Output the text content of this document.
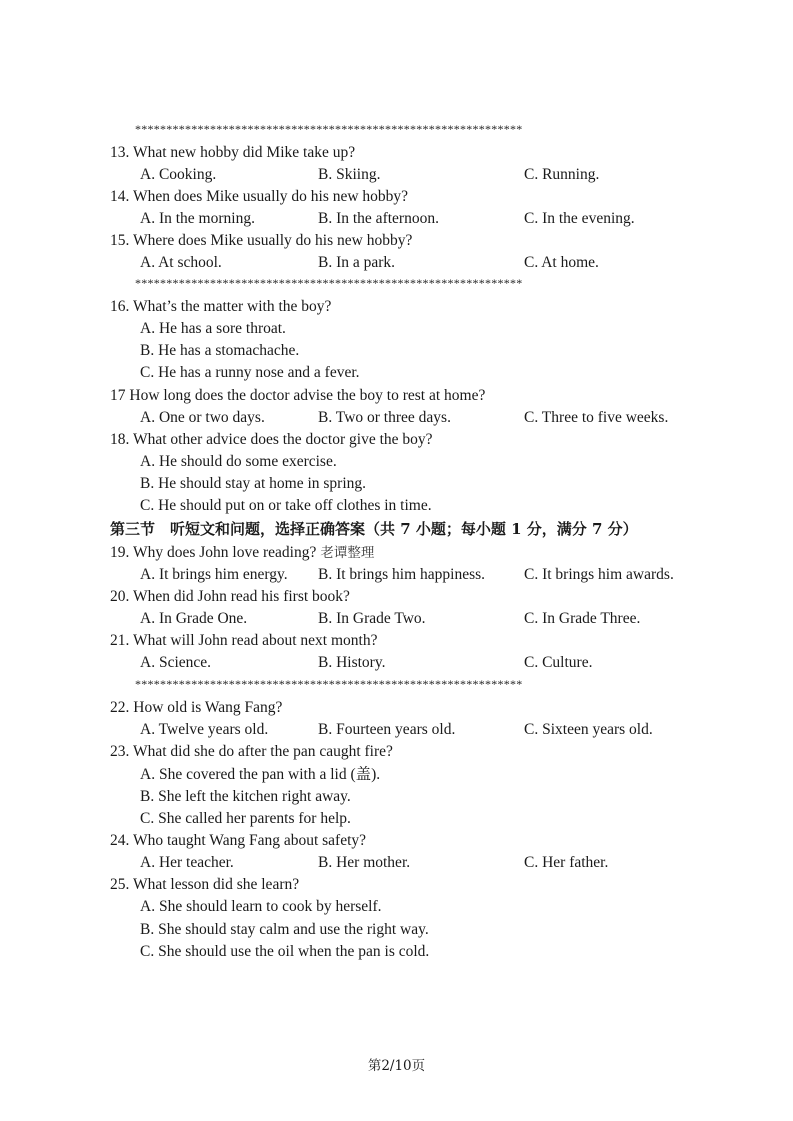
**************************************************************
13. What new hobby did Mike take up?
A. Cooking.	B. Skiing.	C. Running.
14. When does Mike usually do his new hobby?
A. In the morning.	B. In the afternoon.	C. In the evening.
15. Where does Mike usually do his new hobby?
A. At school.	B. In a park.	C. At home.
**************************************************************
16. What’s the matter with the boy?
A. He has a sore throat.
B. He has a stomachache.
C. He has a runny nose and a fever.
17 How long does the doctor advise the boy to rest at home?
A. One or two days.	B. Two or three days.	C. Three to five weeks.
18. What other advice does the doctor give the boy?
A. He should do some exercise.
B. He should stay at home in spring.
C. He should put on or take off clothes in time.
第三节　听短文和问题，选择正确答案（共 7 小题；每小题 1 分，满分 7 分）
19. Why does John love reading? 老谭整理
A. It brings him energy. B. It brings him happiness.	C. It brings him awards.
20. When did John read his first book?
A. In Grade One.	B. In Grade Two.	C. In Grade Three.
21. What will John read about next month?
A. Science.	B. History.	C. Culture.
**************************************************************
22. How old is Wang Fang?
A. Twelve years old.	B. Fourteen years old.	C. Sixteen years old.
23. What did she do after the pan caught fire?
A. She covered the pan with a lid (盖).
B. She left the kitchen right away.
C. She called her parents for help.
24. Who taught Wang Fang about safety?
A. Her teacher.	B. Her mother.	C. Her father.
25. What lesson did she learn?
A. She should learn to cook by herself.
B. She should stay calm and use the right way.
C. She should use the oil when the pan is cold.
第2/10页
